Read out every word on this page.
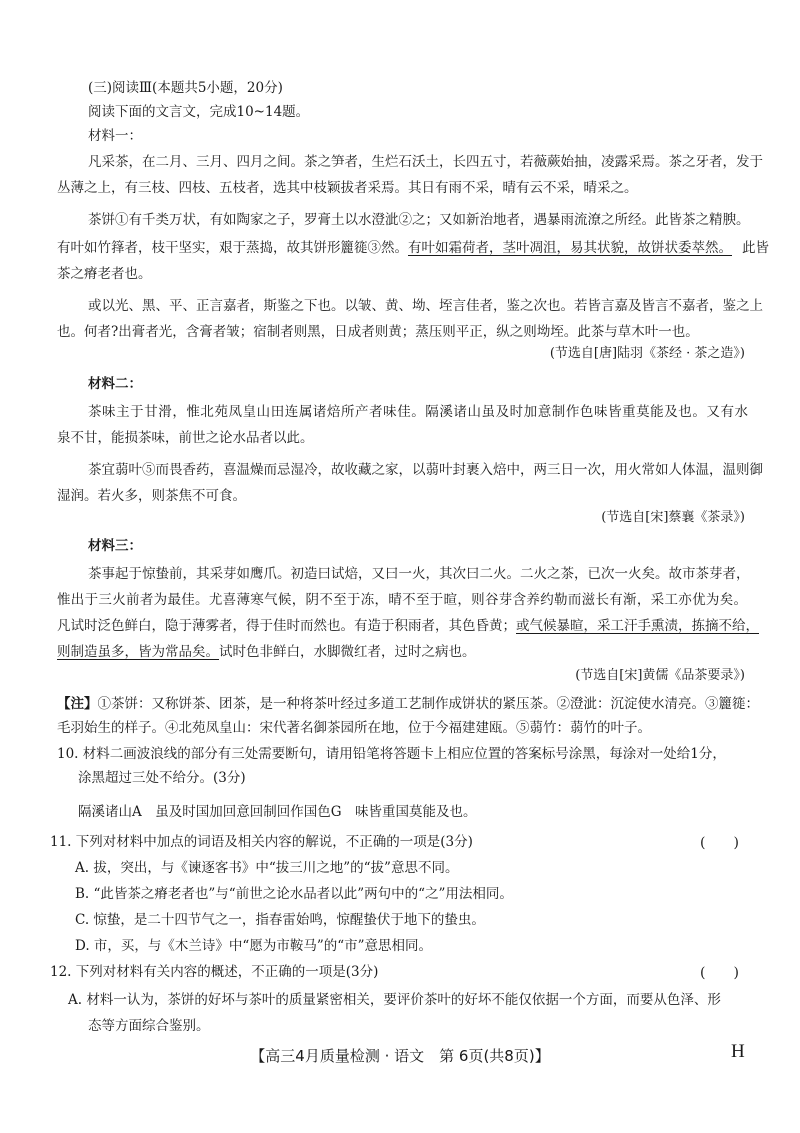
(三)阅读Ⅲ(本题共5小题，20分)
阅读下面的文言文，完成10~14题。
材料一：
凡采茶，在二月、三月、四月之间。茶之笋者，生烂石沃土，长四五寸，若薇蕨始抽，凌露采焉。茶之牙者，发于
丛薄之上，有三枝、四枝、五枝者，选其中枝颖拔者采焉。其日有雨不采，晴有云不采，晴采之。
茶饼①有千类万状，有如陶家之子，罗膏土以水澄泚②之；又如新治地者，遇暴雨流潦之所经。此皆茶之精腴。
有叶如竹箨者，枝干坚实，艰于蒸捣，故其饼形籭簁③然。有叶如霜荷者，茎叶凋沮，易其状貌，故饼状委萃然。 此皆
茶之瘠老者也。
或以光、黑、平、正言嘉者，斯鉴之下也。以皱、黄、坳、垤言佳者，鉴之次也。若皆言嘉及皆言不嘉者，鉴之上
也。何者?出膏者光，含膏者皱；宿制者则黑，日成者则黄；蒸压则平正，纵之则坳垤。此茶与草木叶一也。
(节选自[唐]陆羽《茶经 · 茶之造》)
材料二：
茶味主于甘滑，惟北苑凤皇山田连属诸焙所产者味佳。隔溪诸山虽及时加意制作色味皆重莫能及也。又有水
泉不甘，能损茶味，前世之论水品者以此。
茶宜蒻叶⑤而畏香药，喜温燥而忌湿冷，故收藏之家，以蒻叶封裹入焙中，两三日一次，用火常如人体温，温则御
湿润。若火多，则茶焦不可食。
(节选自[宋]蔡襄《茶录》)
材料三：
茶事起于惊蛰前，其采芽如鹰爪。初造曰试焙，又曰一火，其次曰二火。二火之茶，已次一火矣。故市茶芽者，
惟出于三火前者为最佳。尤喜薄寒气候，阴不至于冻，晴不至于暄，则谷芽含养约勒而滋长有渐，采工亦优为矣。
凡试时泛色鲜白，隐于薄雾者，得于佳时而然也。有造于积雨者，其色昏黄；或气候暴暄，采工汗手熏渍，拣摘不给，
则制造虽多，皆为常品矣。试时色非鲜白，水脚微红者，过时之病也。
(节选自[宋]黄儒《品茶要录》)
【注】①茶饼：又称饼茶、团茶，是一种将茶叶经过多道工艺制作成饼状的紧压茶。②澄泚：沉淀使水清亮。③籭簁：
毛羽始生的样子。④北苑凤皇山：宋代著名御茶园所在地，位于今福建建瓯。⑤蒻竹：蒻竹的叶子。
10. 材料二画波浪线的部分有三处需要断句，请用铅笔将答题卡上相应位置的答案标号涂黑，每涂对一处给1分，
涂黑超过三处不给分。(3分)
隔溪诸山A　虽及时国加回意回制回作国色G　味皆重国莫能及也。
11. 下列对材料中加点的词语及相关内容的解说，不正确的一项是(3分)	(　　)
A. 拔，突出，与《谏逐客书》中“拔三川之地”的“拔”意思不同。
B. “此皆茶之瘠老者也”与“前世之论水品者以此”两句中的“之”用法相同。
C. 惊蛰，是二十四节气之一，指春雷始鸣，惊醒蛰伏于地下的蛰虫。
D. 市，买，与《木兰诗》中“愿为市鞍马”的“市”意思相同。
12. 下列对材料有关内容的概述，不正确的一项是(3分)	(　　)
A. 材料一认为，茶饼的好坏与茶叶的质量紧密相关，要评价茶叶的好坏不能仅依据一个方面，而要从色泽、形
态等方面综合鉴别。
【高三4月质量检测 · 语文　第 6页(共8页)】	H
